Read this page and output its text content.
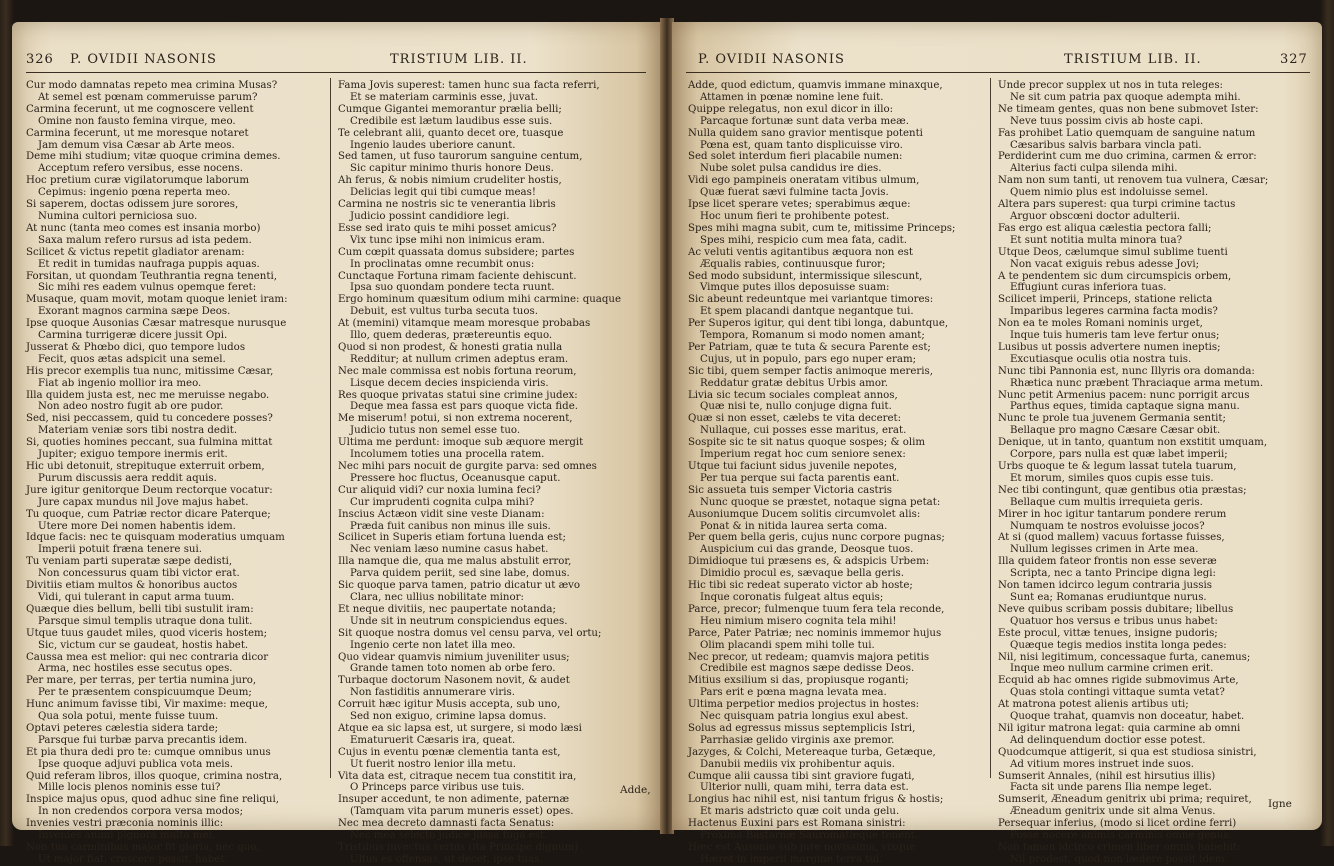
326 P. OVIDII NASONIS	TRISTIUM LIB. II.
Cur modo damnatas repeto mea crimina Musas?
At semel est pœnam commeruisse parum?
Carmina fecerunt, ut me cognoscere vellent
Omine non fausto femina virque, meo.
Carmina fecerunt, ut me moresque notaret
Jam demum visa Cæsar ab Arte meos.
Deme mihi studium; vitæ quoque crimina demes.
Acceptum refero versibus, esse nocens.
Hoc pretium curæ vigilatorumque laborum
Cepimus: ingenio pœna reperta meo.
Si saperem, doctas odissem jure sorores,
Numina cultori perniciosa suo.
At nunc (tanta meo comes est insania morbo)
Saxa malum refero rursus ad ista pedem.
Scilicet & victus repetit gladiator arenam:
Et redit in tumidas naufraga puppis aquas.
Forsitan, ut quondam Teuthrantia regna tenenti,
Sic mihi res eadem vulnus opemque feret:
Musaque, quam movit, motam quoque leniet iram:
Exorant magnos carmina sæpe Deos.
Ipse quoque Ausonias Cæsar matresque nurusque
Carmina turrigeræ dicere jussit Opi.
Jusserat & Phœbo dici, quo tempore ludos
Fecit, quos ætas adspicit una semel.
His precor exemplis tua nunc, mitissime Cæsar,
Fiat ab ingenio mollior ira meo.
Illa quidem justa est, nec me meruisse negabo.
Non adeo nostro fugit ab ore pudor.
Sed, nisi peccassem, quid tu concedere posses?
Materiam veniæ sors tibi nostra dedit.
Si, quoties homines peccant, sua fulmina mittat
Jupiter; exiguo tempore inermis erit.
Hic ubi detonuit, strepituque exterruit orbem,
Purum discussis aera reddit aquis.
Jure igitur genitorque Deum rectorque vocatur:
Jure capax mundus nil Jove majus habet.
Tu quoque, cum Patriæ rector dicare Paterque;
Utere more Dei nomen habentis idem.
Idque facis: nec te quisquam moderatius umquam
Imperii potuit fræna tenere sui.
Tu veniam parti superatæ sæpe dedisti,
Non concessurus quam tibi victor erat.
Divitiis etiam multos & honoribus auctos
Vidi, qui tulerant in caput arma tuum.
Quæque dies bellum, belli tibi sustulit iram:
Parsque simul templis utraque dona tulit.
Utque tuus gaudet miles, quod viceris hostem;
Sic, victum cur se gaudeat, hostis habet.
Caussa mea est melior: qui nec contraria dicor
Arma, nec hostiles esse secutus opes.
Per mare, per terras, per tertia numina juro,
Per te præsentem conspicuumque Deum;
Hunc animum favisse tibi, Vir maxime: meque,
Qua sola potui, mente fuisse tuum.
Optavi peteres cælestia sidera tarde;
Parsque fui turbæ parva precantis idem.
Et pia thura dedi pro te: cumque omnibus unus
Ipse quoque adjuvi publica vota meis.
Quid referam libros, illos quoque, crimina nostra,
Mille locis plenos nominis esse tui?
Inspice majus opus, quod adhuc sine fine reliqui,
In non credendos corpora versa modos;
Invenies vestri præconia nominis illic:
Invenies animi pignora multa mei.
Non tua carminibus major fit gloria, nec quo,
Ut major fiat, crescere possit, habet.
Fama Jovis superest: tamen hunc sua facta referri,
Et se materiam carminis esse, juvat.
Cumque Gigantei memorantur prælia belli;
Credibile est lætum laudibus esse suis.
Te celebrant alii, quanto decet ore, tuasque
Ingenio laudes uberiore canunt.
Sed tamen, ut fuso taurorum sanguine centum,
Sic capitur minimo thuris honore Deus.
Ah ferus, & nobis nimium crudeliter hostis,
Delicias legit qui tibi cumque meas!
Carmina ne nostris sic te venerantia libris
Judicio possint candidiore legi.
Esse sed irato quis te mihi posset amicus?
Vix tunc ipse mihi non inimicus eram.
Cum cœpit quassata domus subsidere; partes
In proclinatas omne recumbit onus:
Cunctaque Fortuna rimam faciente dehiscunt.
Ipsa suo quondam pondere tecta ruunt.
Ergo hominum quæsitum odium mihi carmine: quaque
Debuit, est vultus turba secuta tuos.
At (memini) vitamque meam moresque probabas
Illo, quem dederas, prætereuntis equo.
Quod si non prodest, & honesti gratia nulla
Redditur; at nullum crimen adeptus eram.
Nec male commissa est nobis fortuna reorum,
Lisque decem decies inspicienda viris.
Res quoque privatas statui sine crimine judex:
Deque mea fassa est pars quoque victa fide.
Me miserum! potui, si non extrema nocerent,
Judicio tutus non semel esse tuo.
Ultima me perdunt: imoque sub æquore mergit
Incolumem toties una procella ratem.
Nec mihi pars nocuit de gurgite parva: sed omnes
Pressere hoc fluctus, Oceanusque caput.
Cur aliquid vidi? cur noxia lumina feci?
Cur imprudenti cognita culpa mihi?
Inscius Actæon vidit sine veste Dianam:
Præda fuit canibus non minus ille suis.
Scilicet in Superis etiam fortuna luenda est;
Nec veniam læso numine casus habet.
Illa namque die, qua me malus abstulit error,
Parva quidem periit, sed sine labe, domus.
Sic quoque parva tamen, patrio dicatur ut ævo
Clara, nec ullius nobilitate minor:
Et neque divitiis, nec paupertate notanda;
Unde sit in neutrum conspiciendus eques.
Sit quoque nostra domus vel censu parva, vel ortu;
Ingenio certe non latet illa meo.
Quo videar quamvis nimium juveniliter usus;
Grande tamen toto nomen ab orbe fero.
Turbaque doctorum Nasonem novit, & audet
Non fastiditis annumerare viris.
Corruit hæc igitur Musis accepta, sub uno,
Sed non exiguo, crimine lapsa domus.
Atque ea sic lapsa est, ut surgere, si modo læsi
Ematuruerit Cæsaris ira, queat.
Cujus in eventu pœnæ clementia tanta est,
Ut fuerit nostro lenior illa metu.
Vita data est, citraque necem tua constitit ira,
O Princeps parce viribus use tuis.
Insuper accedunt, te non adimente, paternæ
(Tamquam vita parum muneris esset) opes.
Nec mea decreto damnasti facta Senatus:
Nec mea selecto judice jussa fuga est.
Tristibus invectus verbis (ita Principe dignum)
Ultus es offensas, ut decet, ipse tuas.
Adde,
P. OVIDII NASONIS	TRISTIUM LIB. II.	327
Adde, quod edictum, quamvis immane minaxque,
Attamen in pœnæ nomine lene fuit.
Quippe relegatus, non exul dicor in illo:
Parcaque fortunæ sunt data verba meæ.
Nulla quidem sano gravior mentisque potenti
Pœna est, quam tanto displicuisse viro.
Sed solet interdum fieri placabile numen:
Nube solet pulsa candidus ire dies.
Vidi ego pampineis oneratam vitibus ulmum,
Quæ fuerat sævi fulmine tacta Jovis.
Ipse licet sperare vetes; sperabimus æque:
Hoc unum fieri te prohibente potest.
Spes mihi magna subit, cum te, mitissime Princeps;
Spes mihi, respicio cum mea fata, cadit.
Ac veluti ventis agitantibus æquora non est
Æqualis rabies, continuusque furor;
Sed modo subsidunt, intermissique silescunt,
Vimque putes illos deposuisse suam:
Sic abeunt redeuntque mei variantque timores:
Et spem placandi dantque negantque tui.
Per Superos igitur, qui dent tibi longa, dabuntque,
Tempora, Romanum si modo nomen amant;
Per Patriam, quæ te tuta & secura Parente est;
Cujus, ut in populo, pars ego nuper eram;
Sic tibi, quem semper factis animoque mereris,
Reddatur gratæ debitus Urbis amor.
Livia sic tecum sociales compleat annos,
Quæ nisi te, nullo conjuge digna fuit.
Quæ si non esset, cælebs te vita deceret:
Nullaque, cui posses esse maritus, erat.
Sospite sic te sit natus quoque sospes; & olim
Imperium regat hoc cum seniore senex:
Utque tui faciunt sidus juvenile nepotes,
Per tua perque sui facta parentis eant.
Sic assueta tuis semper Victoria castris
Nunc quoque se præstet, notaque signa petat:
Ausoniumque Ducem solitis circumvolet alis:
Ponat & in nitida laurea serta coma.
Per quem bella geris, cujus nunc corpore pugnas;
Auspicium cui das grande, Deosque tuos.
Dimidioque tui præsens es, & adspicis Urbem:
Dimidio procul es, sævaque bella geris.
Hic tibi sic redeat superato victor ab hoste;
Inque coronatis fulgeat altus equis;
Parce, precor; fulmenque tuum fera tela reconde,
Heu nimium misero cognita tela mihi!
Parce, Pater Patriæ; nec nominis immemor hujus
Olim placandi spem mihi tolle tui.
Nec precor, ut redeam; quamvis majora petitis
Credibile est magnos sæpe dedisse Deos.
Mitius exsilium si das, propiusque roganti;
Pars erit e pœna magna levata mea.
Ultima perpetior medios projectus in hostes:
Nec quisquam patria longius exul abest.
Solus ad egressus missus septemplicis Istri,
Parrhasiæ gelido virginis axe premor.
Jazyges, & Colchi, Metereaque turba, Getæque,
Danubii mediis vix prohibentur aquis.
Cumque alii caussa tibi sint graviore fugati,
Ulterior nulli, quam mihi, terra data est.
Longius hac nihil est, nisi tantum frigus & hostis;
Et maris adstricto quæ coit unda gelu.
Hactenus Euxini pars est Romana sinistri:
Proxima Bastarnæ Sauromatæque tenent.
Hæc est Ausonio sub jure novissima, vixque
Hæret in imperii margine terra tui.
Unde precor supplex ut nos in tuta releges:
Ne sit cum patria pax quoque adempta mihi.
Ne timeam gentes, quas non bene submovet Ister:
Neve tuus possim civis ab hoste capi.
Fas prohibet Latio quemquam de sanguine natum
Cæsaribus salvis barbara vincla pati.
Perdiderint cum me duo crimina, carmen & error:
Alterius facti culpa silenda mihi.
Nam non sum tanti, ut renovem tua vulnera, Cæsar;
Quem nimio plus est indoluisse semel.
Altera pars superest: qua turpi crimine tactus
Arguor obscœni doctor adulterii.
Fas ergo est aliqua cælestia pectora falli;
Et sunt notitia multa minora tua?
Utque Deos, cælumque simul sublime tuenti
Non vacat exiguis rebus adesse Jovi;
A te pendentem sic dum circumspicis orbem,
Effugiunt curas inferiora tuas.
Scilicet imperii, Princeps, statione relicta
Imparibus legeres carmina facta modis?
Non ea te moles Romani nominis urget,
Inque tuis humeris tam leve fertur onus;
Lusibus ut possis advertere numen ineptis;
Excutiasque oculis otia nostra tuis.
Nunc tibi Pannonia est, nunc Illyris ora domanda:
Rhætica nunc præbent Thraciaque arma metum.
Nunc petit Armenius pacem: nunc porrigit arcus
Parthus eques, timida captaque signa manu.
Nunc te prole tua juvenem Germania sentit;
Bellaque pro magno Cæsare Cæsar obit.
Denique, ut in tanto, quantum non exstitit umquam,
Corpore, pars nulla est quæ labet imperii;
Urbs quoque te & legum lassat tutela tuarum,
Et morum, similes quos cupis esse tuis.
Nec tibi contingunt, quæ gentibus otia præstas;
Bellaque cum multis irrequieta geris.
Mirer in hoc igitur tantarum pondere rerum
Numquam te nostros evoluisse jocos?
At si (quod mallem) vacuus fortasse fuisses,
Nullum legisses crimen in Arte mea.
Illa quidem fateor frontis non esse severæ
Scripta, nec a tanto Principe digna legi:
Non tamen idcirco legum contraria jussis
Sunt ea; Romanas erudiuntque nurus.
Neve quibus scribam possis dubitare; libellus
Quatuor hos versus e tribus unus habet:
Este procul, vittæ tenues, insigne pudoris;
Quæque tegis medios instita longa pedes:
Nil, nisi legitimum, concessaque furta, canemus;
Inque meo nullum carmine crimen erit.
Ecquid ab hac omnes rigide submovimus Arte,
Quas stola contingi vittaque sumta vetat?
At matrona potest alienis artibus uti;
Quoque trahat, quamvis non doceatur, habet.
Nil igitur matrona legat: quia carmine ab omni
Ad delinquendum doctior esse potest.
Quodcumque attigerit, si qua est studiosa sinistri,
Ad vitium mores instruet inde suos.
Sumserit Annales, (nihil est hirsutius illis)
Facta sit unde parens Ilia nempe leget.
Sumserit, Æneadum genitrix ubi prima; requiret,
Æneadum genitrix unde sit alma Venus.
Persequar inferius, (modo si licet ordine ferri)
Posse nocere animis carminis omne genus.
Non tamen idcirco crimen liber omnis habebit:
Nil prodest, quod non lædere possit idem.
Igne
